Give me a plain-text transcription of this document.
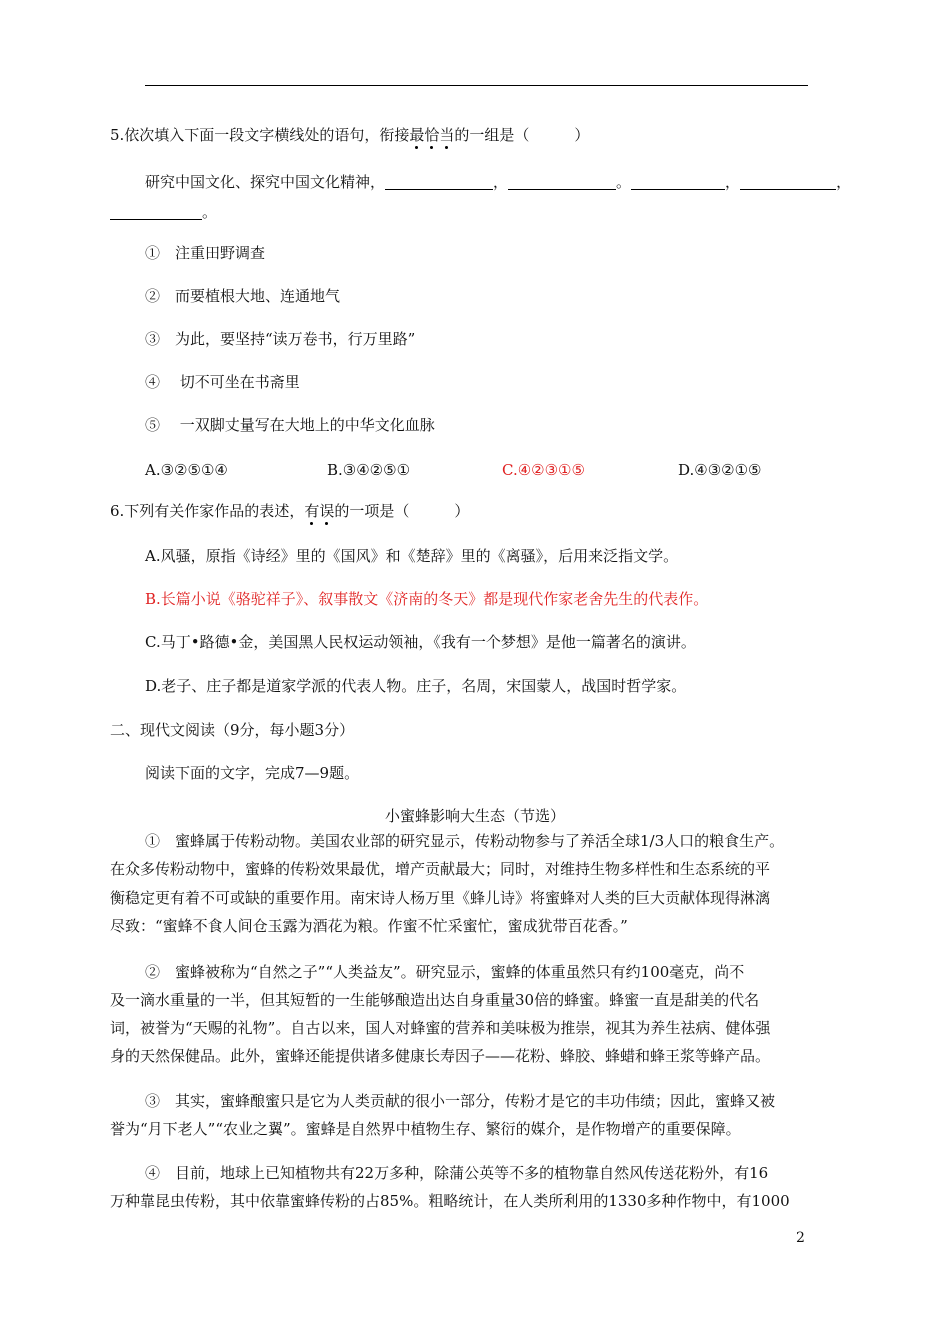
5.依次填入下面一段文字横线处的语句，衔接最恰当的一组是（　　　）
研究中国文化、探究中国文化精神，	，	。	，	，
。
①　注重田野调查
②　而要植根大地、连通地气
③　为此，要坚持“读万卷书，行万里路”
④　 切不可坐在书斋里
⑤　 一双脚丈量写在大地上的中华文化血脉
A.③②⑤①④	B.③④②⑤①	C.④②③①⑤	D.④③②①⑤
6.下列有关作家作品的表述，有误的一项是（　　　）
A.风骚，原指《诗经》里的《国风》和《楚辞》里的《离骚》，后用来泛指文学。
B.长篇小说《骆驼祥子》、叙事散文《济南的冬天》都是现代作家老舍先生的代表作。
C.马丁•路德•金，美国黑人民权运动领袖，《我有一个梦想》是他一篇著名的演讲。
D.老子、庄子都是道家学派的代表人物。庄子，名周，宋国蒙人，战国时哲学家。
二、现代文阅读（9分，每小题3分）
阅读下面的文字，完成7—9题。
小蜜蜂影响大生态（节选）
①　蜜蜂属于传粉动物。美国农业部的研究显示，传粉动物参与了养活全球1/3人口的粮食生产。
在众多传粉动物中，蜜蜂的传粉效果最优，增产贡献最大；同时，对维持生物多样性和生态系统的平
衡稳定更有着不可或缺的重要作用。南宋诗人杨万里《蜂儿诗》将蜜蜂对人类的巨大贡献体现得淋漓
尽致：“蜜蜂不食人间仓玉露为酒花为粮。作蜜不忙采蜜忙，蜜成犹带百花香。”
②　蜜蜂被称为“自然之子”“人类益友”。研究显示，蜜蜂的体重虽然只有约100毫克，尚不
及一滴水重量的一半，但其短暂的一生能够酿造出达自身重量30倍的蜂蜜。蜂蜜一直是甜美的代名
词，被誉为“天赐的礼物”。自古以来，国人对蜂蜜的营养和美味极为推崇，视其为养生祛病、健体强
身的天然保健品。此外，蜜蜂还能提供诸多健康长寿因子——花粉、蜂胶、蜂蜡和蜂王浆等蜂产品。
③　其实，蜜蜂酿蜜只是它为人类贡献的很小一部分，传粉才是它的丰功伟绩；因此，蜜蜂又被
誉为“月下老人”“农业之翼”。蜜蜂是自然界中植物生存、繁衍的媒介，是作物增产的重要保障。
④　目前，地球上已知植物共有22万多种，除蒲公英等不多的植物靠自然风传送花粉外，有16
万种靠昆虫传粉，其中依靠蜜蜂传粉的占85%。粗略统计，在人类所利用的1330多种作物中，有1000
2
